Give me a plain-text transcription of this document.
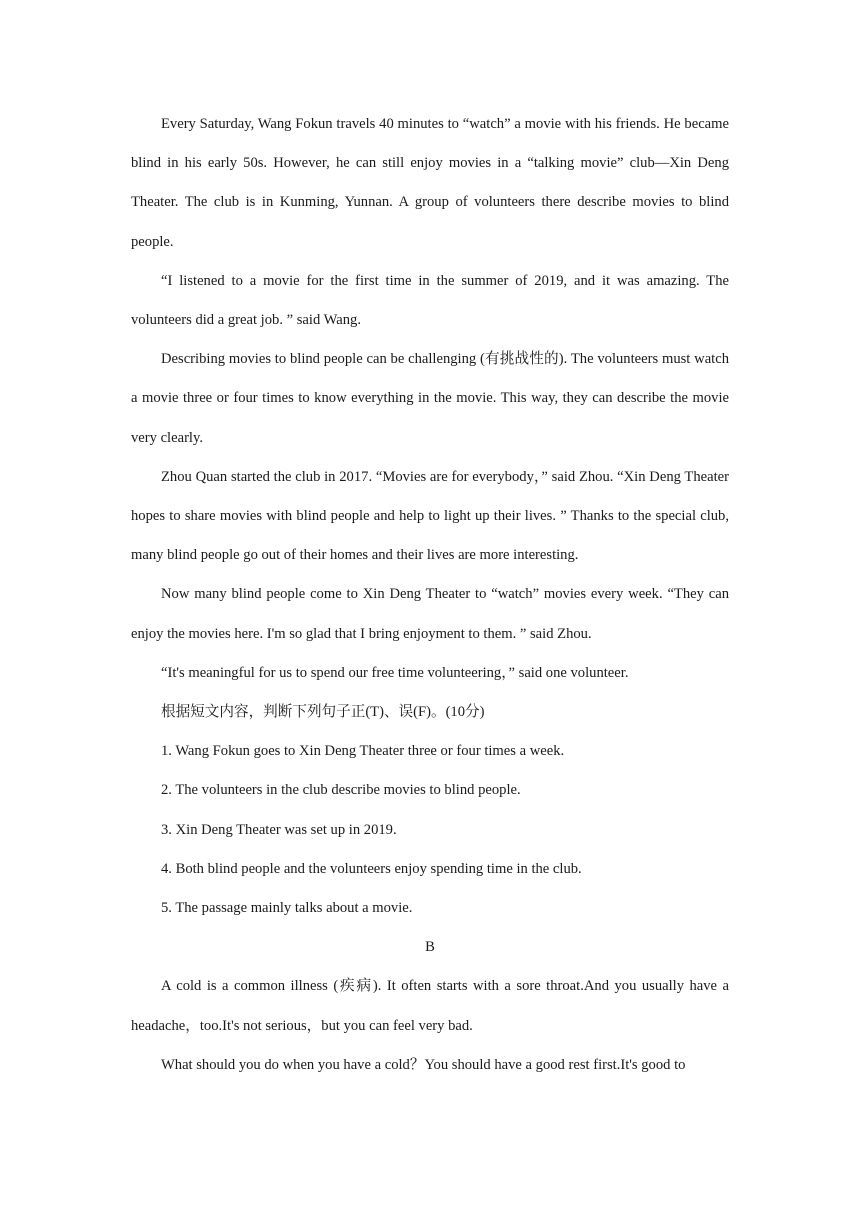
Every Saturday, Wang Fokun travels 40 minutes to “watch” a movie with his friends. He became blind in his early 50s. However, he can still enjoy movies in a “talking movie” club—Xin Deng Theater. The club is in Kunming, Yunnan. A group of volunteers there describe movies to blind people.

“I listened to a movie for the first time in the summer of 2019, and it was amazing. The volunteers did a great job. ” said Wang.

Describing movies to blind people can be challenging (有挑战性的). The volunteers must watch a movie three or four times to know everything in the movie. This way, they can describe the movie very clearly.

Zhou Quan started the club in 2017. “Movies are for everybody，” said Zhou. “Xin Deng Theater hopes to share movies with blind people and help to light up their lives. ” Thanks to the special club, many blind people go out of their homes and their lives are more interesting.

Now many blind people come to Xin Deng Theater to “watch” movies every week. “They can enjoy the movies here. I'm so glad that I bring enjoyment to them. ” said Zhou.

“It's meaningful for us to spend our free time volunteering，” said one volunteer.

根据短文内容，判断下列句子正(T)、误(F)。(10分)

1. Wang Fokun goes to Xin Deng Theater three or four times a week.

2. The volunteers in the club describe movies to blind people.

3. Xin Deng Theater was set up in 2019.

4. Both blind people and the volunteers enjoy spending time in the club.

5. The passage mainly talks about a movie.

B

A cold is a common illness (疾病). It often starts with a sore throat.And you usually have a headache，too.It's not serious，but you can feel very bad.

What should you do when you have a cold？You should have a good rest first.It's good to
